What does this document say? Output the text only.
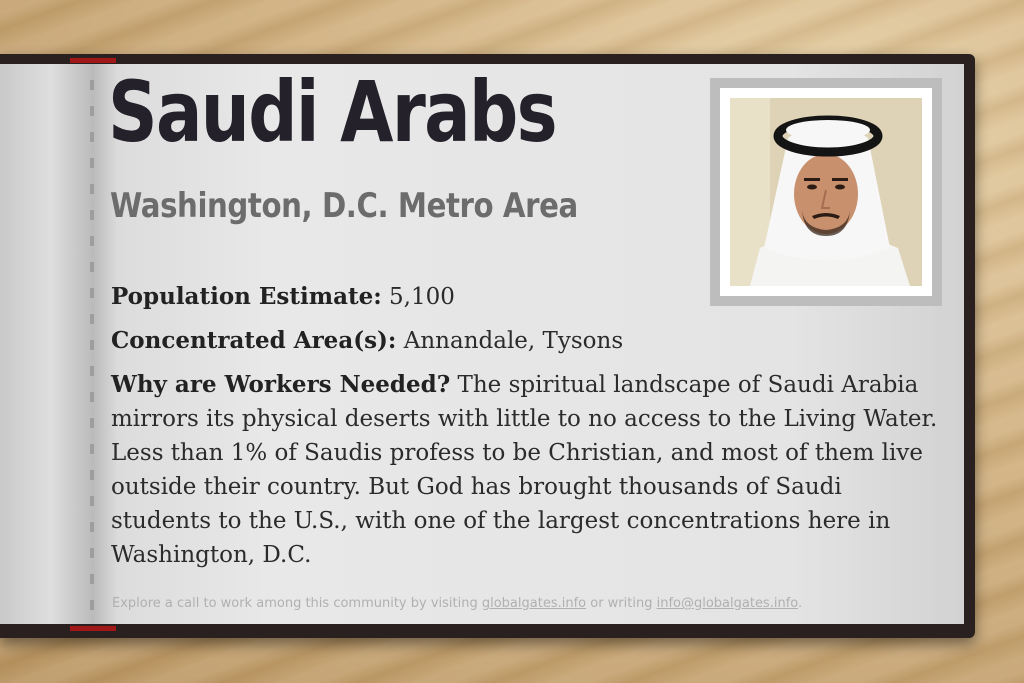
Saudi Arabs
Washington, D.C. Metro Area

Population Estimate: 5,100

Concentrated Area(s): Annandale, Tysons

Why are Workers Needed? The spiritual landscape of Saudi Arabia mirrors its physical deserts with little to no access to the Living Water. Less than 1% of Saudis profess to be Christian, and most of them live outside their country. But God has brought thousands of Saudi students to the U.S., with one of the largest concentrations here in Washington, D.C.

Explore a call to work among this community by visiting globalgates.info or writing info@globalgates.info.
